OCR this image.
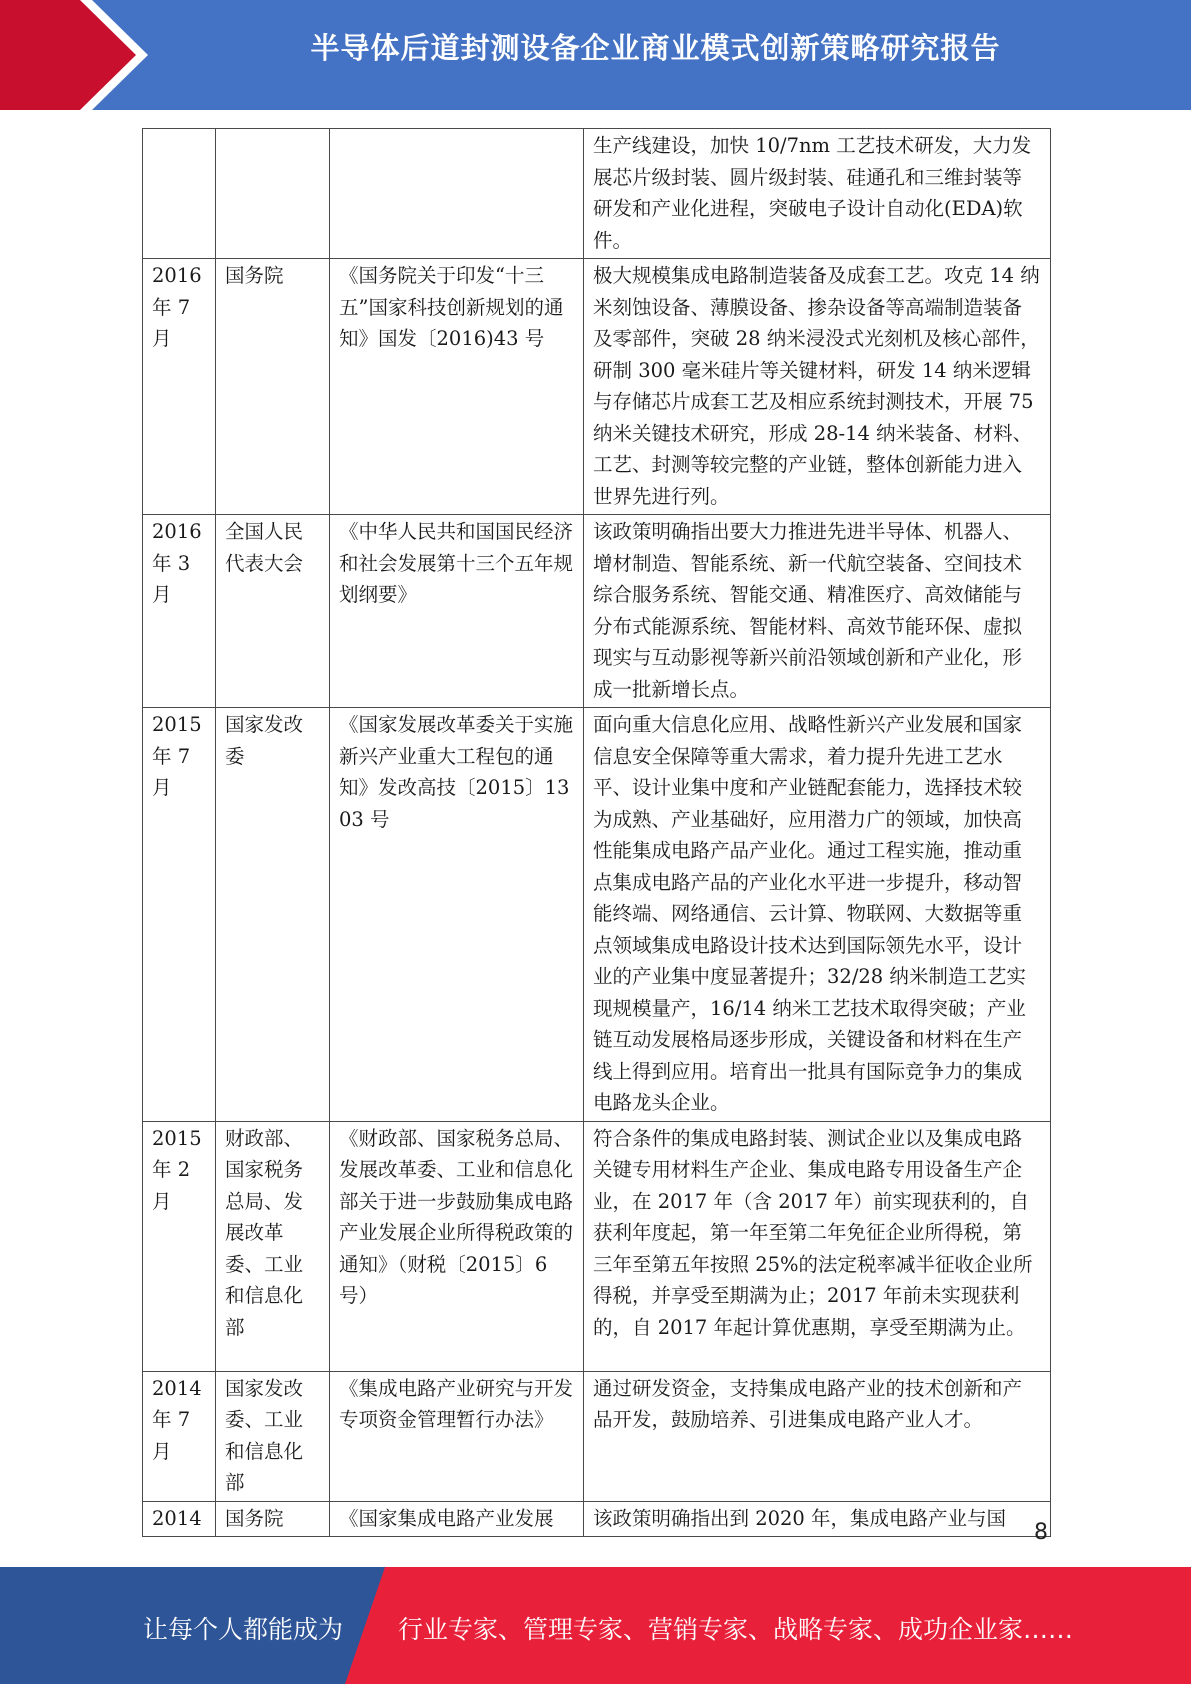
半导体后道封测设备企业商业模式创新策略研究报告
			生产线建设，加快 10/7nm 工艺技术研发，大力发展芯片级封装、圆片级封装、硅通孔和三维封装等研发和产业化进程，突破电子设计自动化(EDA)软件。
2016 年 7 月	国务院	《国务院关于印发“十三五”国家科技创新规划的通知》国发〔2016)43 号	极大规模集成电路制造装备及成套工艺。攻克 14 纳米刻蚀设备、薄膜设备、掺杂设备等高端制造装备及零部件，突破 28 纳米浸没式光刻机及核心部件，研制 300 毫米硅片等关键材料，研发 14 纳米逻辑与存储芯片成套工艺及相应系统封测技术，开展 75 纳米关键技术研究，形成 28-14 纳米装备、材料、工艺、封测等较完整的产业链，整体创新能力进入世界先进行列。
2016 年 3 月	全国人民代表大会	《中华人民共和国国民经济和社会发展第十三个五年规划纲要》	该政策明确指出要大力推进先进半导体、机器人、增材制造、智能系统、新一代航空装备、空间技术综合服务系统、智能交通、精准医疗、高效储能与分布式能源系统、智能材料、高效节能环保、虚拟现实与互动影视等新兴前沿领域创新和产业化，形成一批新增长点。
2015 年 7 月	国家发改委	《国家发展改革委关于实施新兴产业重大工程包的通知》发改高技〔2015〕1303 号	面向重大信息化应用、战略性新兴产业发展和国家信息安全保障等重大需求，着力提升先进工艺水平、设计业集中度和产业链配套能力，选择技术较为成熟、产业基础好，应用潜力广的领域，加快高性能集成电路产品产业化。通过工程实施，推动重点集成电路产品的产业化水平进一步提升，移动智能终端、网络通信、云计算、物联网、大数据等重点领域集成电路设计技术达到国际领先水平，设计业的产业集中度显著提升；32/28 纳米制造工艺实现规模量产，16/14 纳米工艺技术取得突破；产业链互动发展格局逐步形成，关键设备和材料在生产线上得到应用。培育出一批具有国际竞争力的集成电路龙头企业。
2015 年 2 月	财政部、国家税务总局、发展改革委、工业和信息化部	《财政部、国家税务总局、发展改革委、工业和信息化部关于进一步鼓励集成电路产业发展企业所得税政策的通知》（财税〔2015〕6 号）	符合条件的集成电路封装、测试企业以及集成电路关键专用材料生产企业、集成电路专用设备生产企业，在 2017 年（含 2017 年）前实现获利的，自获利年度起，第一年至第二年免征企业所得税，第三年至第五年按照 25%的法定税率减半征收企业所得税，并享受至期满为止；2017 年前未实现获利的，自 2017 年起计算优惠期，享受至期满为止。
2014 年 7 月	国家发改委、工业和信息化部	《集成电路产业研究与开发专项资金管理暂行办法》	通过研发资金，支持集成电路产业的技术创新和产品开发，鼓励培养、引进集成电路产业人才。
2014	国务院	《国家集成电路产业发展	该政策明确指出到 2020 年，集成电路产业与国
8
让每个人都能成为 行业专家、管理专家、营销专家、战略专家、成功企业家……
